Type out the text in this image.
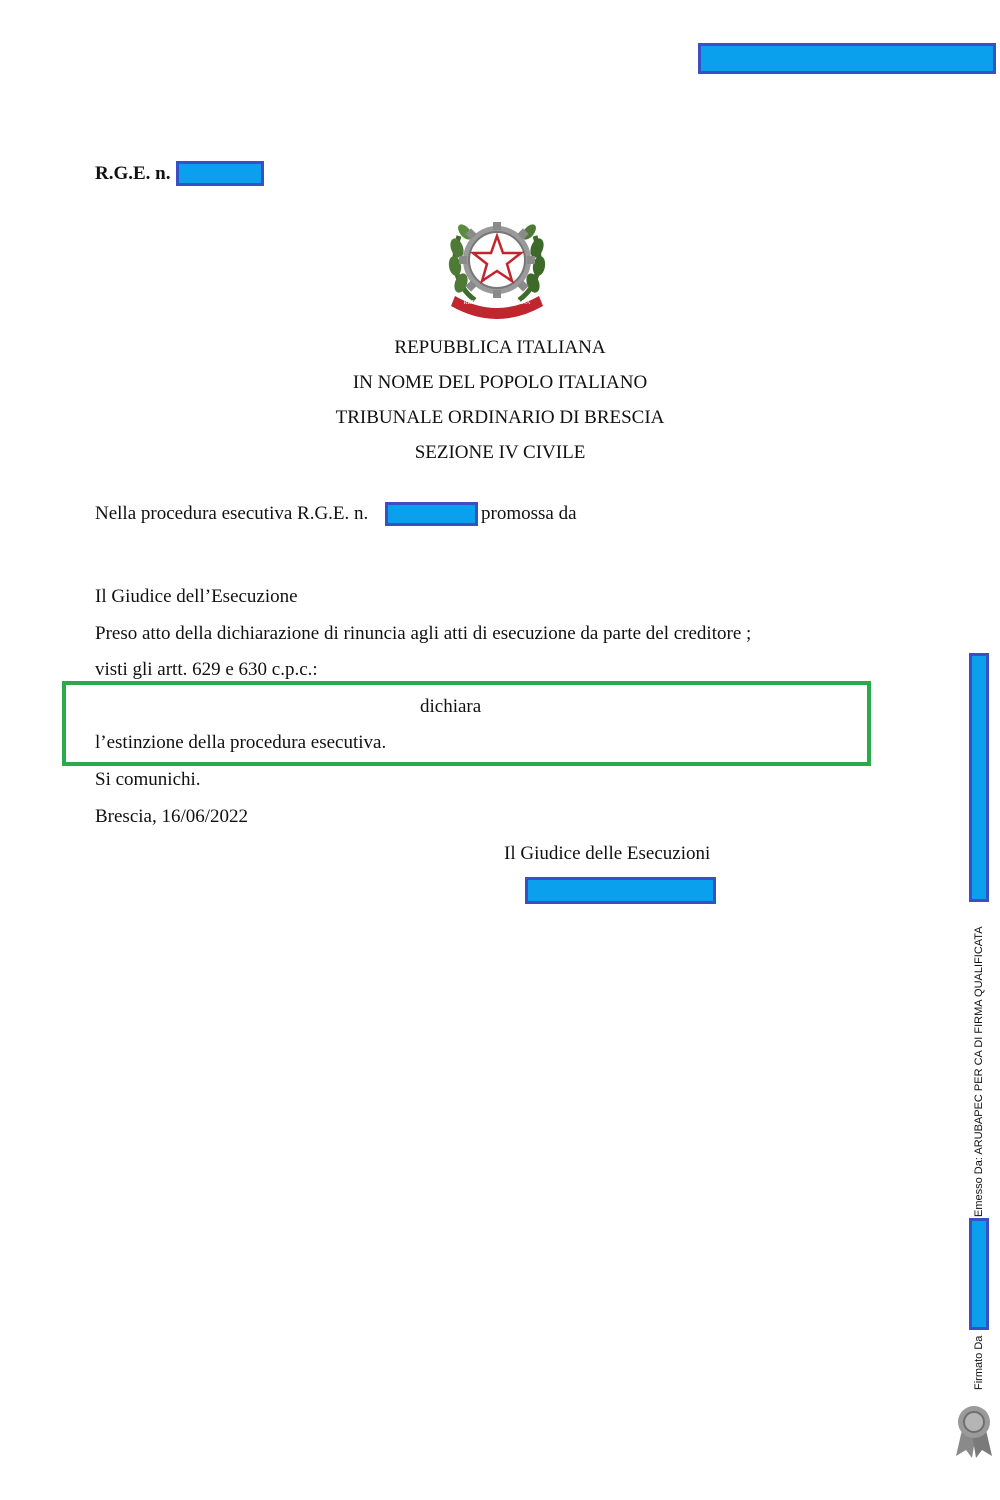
R.G.E. n.
REPUBBLICA ITALIANA
REPUBBLICA ITALIANA
IN NOME DEL POPOLO ITALIANO
TRIBUNALE ORDINARIO DI BRESCIA
SEZIONE IV CIVILE
Nella procedura esecutiva R.G.E. n.	promossa da
Il Giudice dell’Esecuzione
Preso atto della dichiarazione di rinuncia agli atti di esecuzione da parte del creditore ;
visti gli artt. 629 e 630 c.p.c.:
dichiara
l’estinzione della procedura esecutiva.
Si comunichi.
Brescia, 16/06/2022
Il Giudice delle Esecuzioni
Emesso Da: ARUBAPEC PER CA DI FIRMA QUALIFICATA
Firmato Da
